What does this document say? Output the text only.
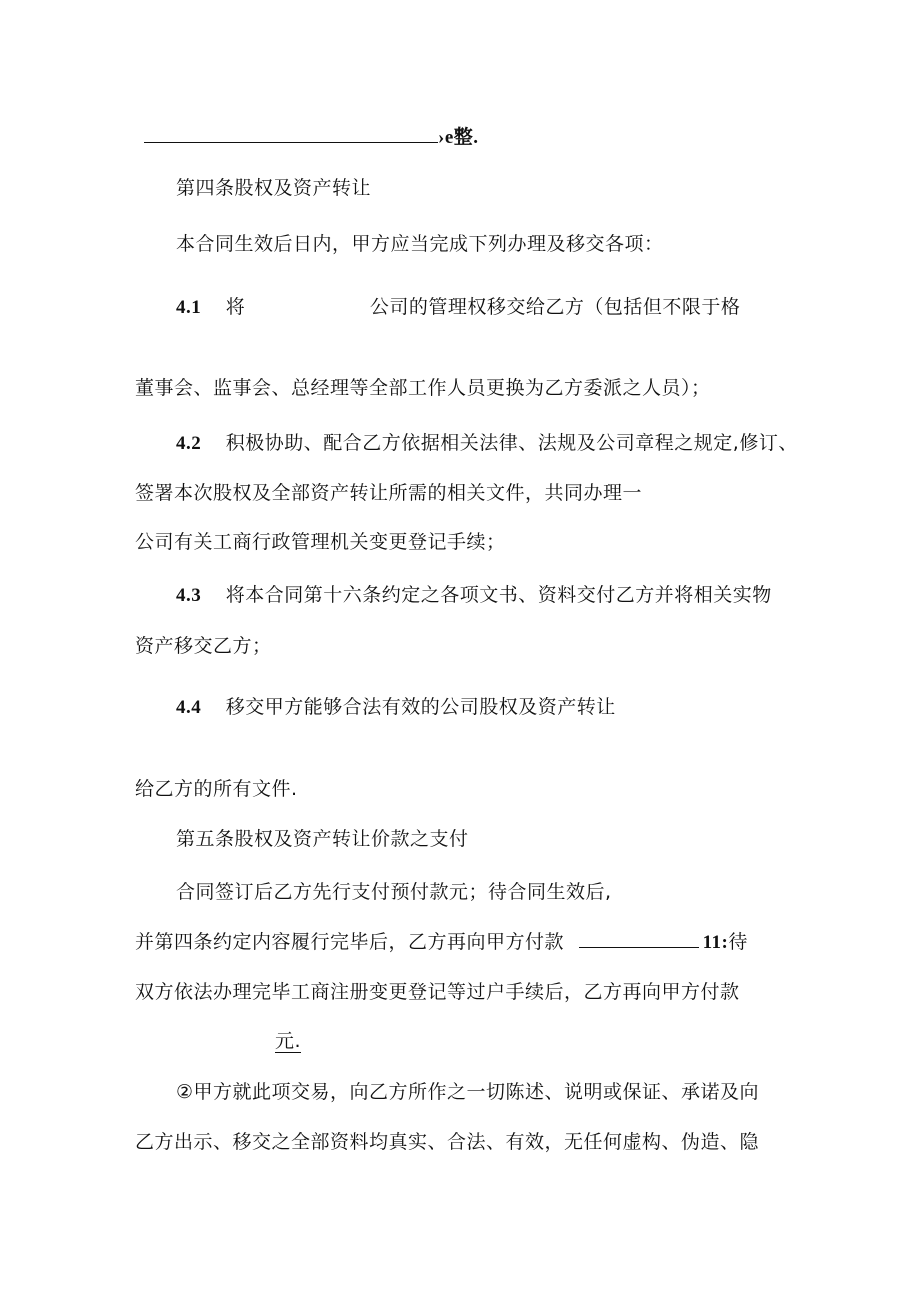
›e整.
第四条股权及资产转让
本合同生效后日内，甲方应当完成下列办理及移交各项：
4.1 将	公司的管理权移交给乙方（包括但不限于格
董事会、监事会、总经理等全部工作人员更换为乙方委派之人员）；
4.2 积极协助、配合乙方依据相关法律、法规及公司章程之规定,修订、
签署本次股权及全部资产转让所需的相关文件，共同办理一
公司有关工商行政管理机关变更登记手续；
4.3 将本合同第十六条约定之各项文书、资料交付乙方并将相关实物
资产移交乙方；
4.4 移交甲方能够合法有效的公司股权及资产转让
给乙方的所有文件.
第五条股权及资产转让价款之支付
合同签订后乙方先行支付预付款元；待合同生效后,
并第四条约定内容履行完毕后，乙方再向甲方付款	11:待
双方依法办理完毕工商注册变更登记等过户手续后，乙方再向甲方付款
元.
②甲方就此项交易，向乙方所作之一切陈述、说明或保证、承诺及向
乙方出示、移交之全部资料均真实、合法、有效，无任何虚构、伪造、隐
